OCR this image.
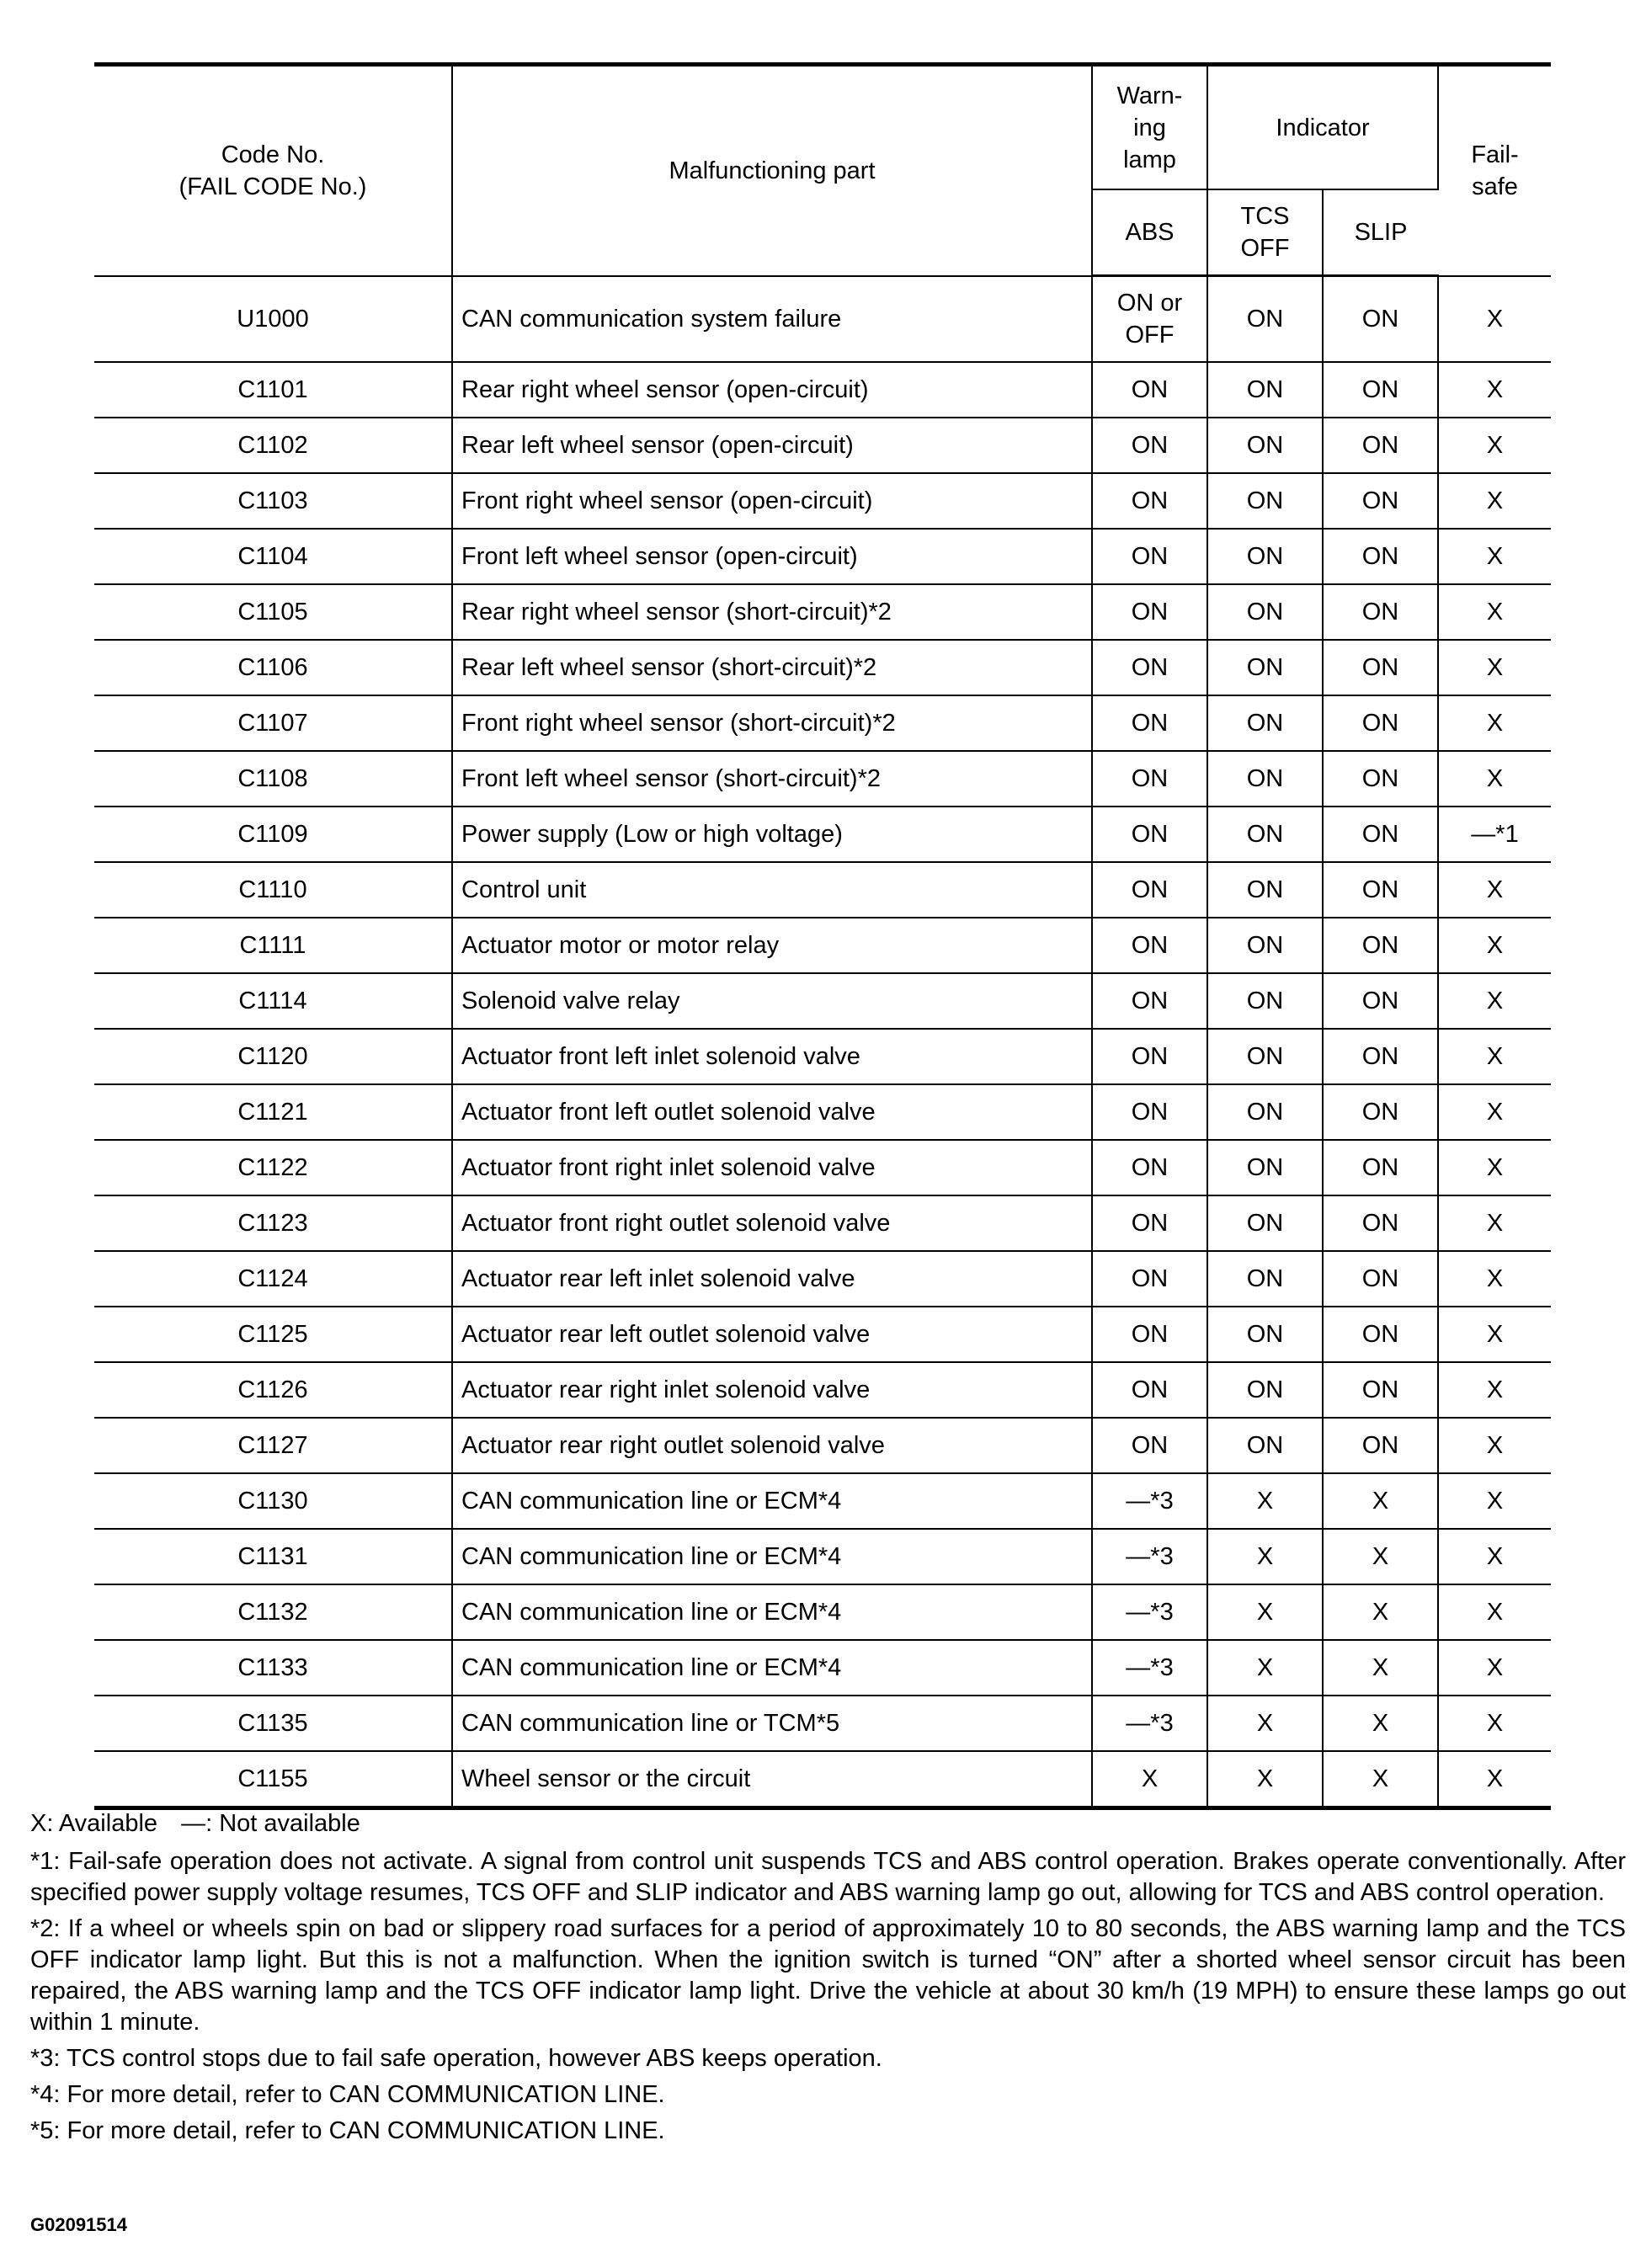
Code No.
(FAIL CODE No.)	Malfunctioning part	Warn-
ing
lamp	Indicator		Fail-
safe
		ABS	TCS
OFF	SLIP	
U1000	CAN communication system failure	ON or
OFF	ON	ON	X
C1101	Rear right wheel sensor (open-circuit)	ON	ON	ON	X
C1102	Rear left wheel sensor (open-circuit)	ON	ON	ON	X
C1103	Front right wheel sensor (open-circuit)	ON	ON	ON	X
C1104	Front left wheel sensor (open-circuit)	ON	ON	ON	X
C1105	Rear right wheel sensor (short-circuit)*2	ON	ON	ON	X
C1106	Rear left wheel sensor (short-circuit)*2	ON	ON	ON	X
C1107	Front right wheel sensor (short-circuit)*2	ON	ON	ON	X
C1108	Front left wheel sensor (short-circuit)*2	ON	ON	ON	X
C1109	Power supply (Low or high voltage)	ON	ON	ON	—*1
C1110	Control unit	ON	ON	ON	X
C1111	Actuator motor or motor relay	ON	ON	ON	X
C1114	Solenoid valve relay	ON	ON	ON	X
C1120	Actuator front left inlet solenoid valve	ON	ON	ON	X
C1121	Actuator front left outlet solenoid valve	ON	ON	ON	X
C1122	Actuator front right inlet solenoid valve	ON	ON	ON	X
C1123	Actuator front right outlet solenoid valve	ON	ON	ON	X
C1124	Actuator rear left inlet solenoid valve	ON	ON	ON	X
C1125	Actuator rear left outlet solenoid valve	ON	ON	ON	X
C1126	Actuator rear right inlet solenoid valve	ON	ON	ON	X
C1127	Actuator rear right outlet solenoid valve	ON	ON	ON	X
C1130	CAN communication line or ECM*4	—*3	X	X	X
C1131	CAN communication line or ECM*4	—*3	X	X	X
C1132	CAN communication line or ECM*4	—*3	X	X	X
C1133	CAN communication line or ECM*4	—*3	X	X	X
C1135	CAN communication line or TCM*5	—*3	X	X	X
C1155	Wheel sensor or the circuit	X	X	X	X

X: Available —: Not available

*1: Fail-safe operation does not activate. A signal from control unit suspends TCS and ABS control operation. Brakes operate conventionally. After specified power supply voltage resumes, TCS OFF and SLIP indicator and ABS warning lamp go out, allowing for TCS and ABS control operation.

*2: If a wheel or wheels spin on bad or slippery road surfaces for a period of approximately 10 to 80 seconds, the ABS warning lamp and the TCS OFF indicator lamp light. But this is not a malfunction. When the ignition switch is turned “ON” after a shorted wheel sensor circuit has been repaired, the ABS warning lamp and the TCS OFF indicator lamp light. Drive the vehicle at about 30 km/h (19 MPH) to ensure these lamps go out within 1 minute.

*3: TCS control stops due to fail safe operation, however ABS keeps operation.

*4: For more detail, refer to CAN COMMUNICATION LINE.

*5: For more detail, refer to CAN COMMUNICATION LINE.

G02091514
